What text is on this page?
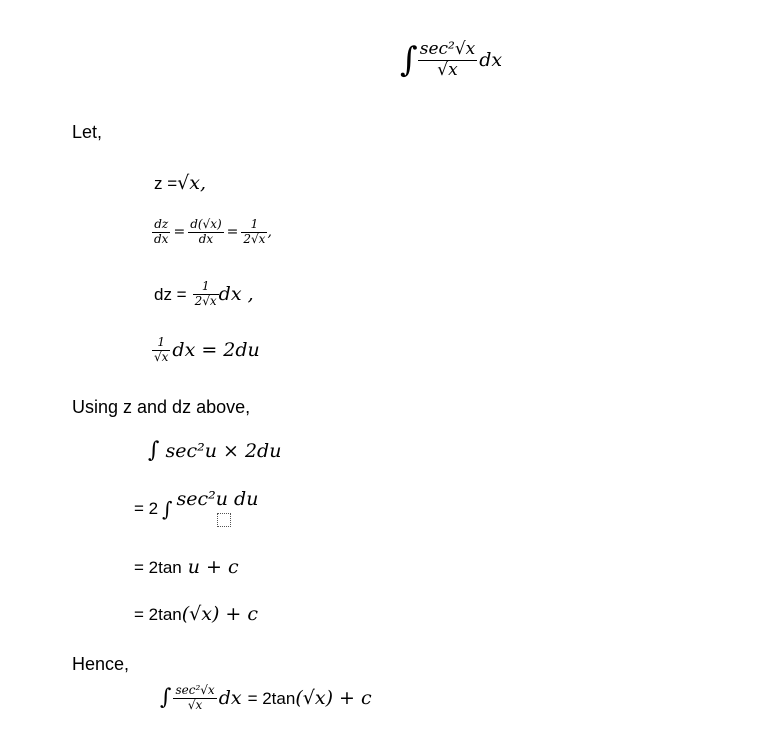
∫ $\frac{\text{sec²√x}}{√x}$ dx
Let,
z = √x ,
$\frac{dz}{dx} = \frac{d(√x)}{dx} = \frac{1}{2√x}$ ,
dz = $\frac{1}{2√x}$ dx ,
$\frac{1}{√x}$ dx = 2du
Using z and dz above,
∫ sec²u × 2du
= 2 ∫ sec²u du
= 2tan u + c
= 2tan (√x) + c
Hence,
∫ $\frac{\text{sec²√x}}{√x}$ dx = 2tan (√x) + c
